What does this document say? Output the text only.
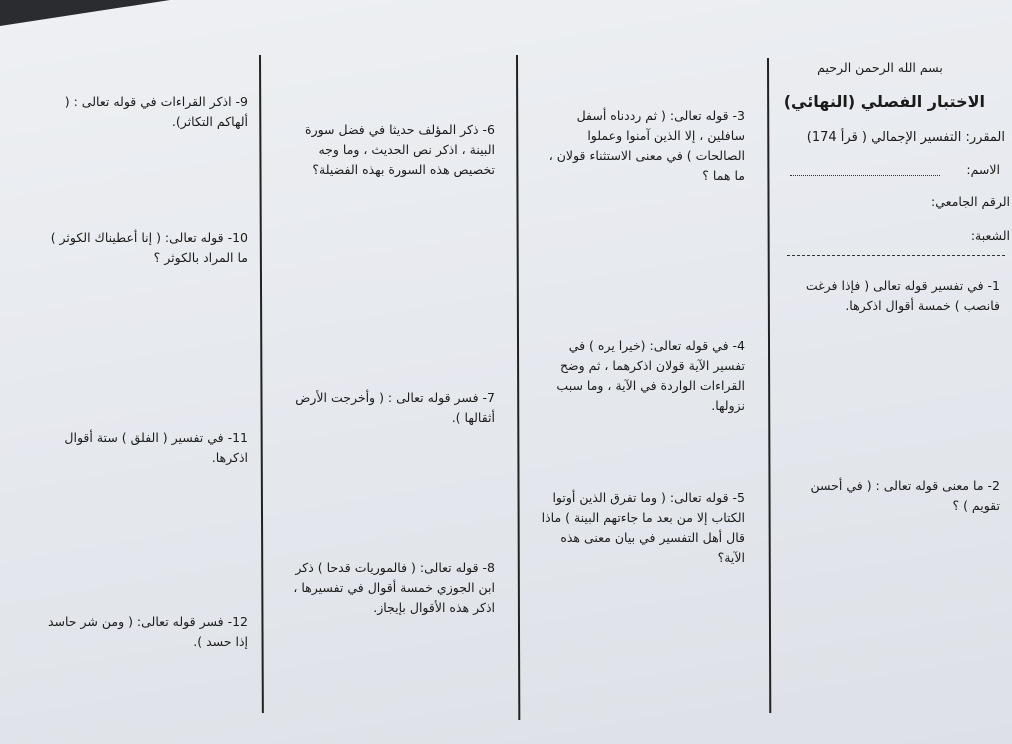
بسم الله الرحمن الرحيم
الاختبار الفصلي (النهائي)
المقرر: التفسير الإجمالي ( قرأ 174)
الاسم:
الرقم الجامعي:
الشعبة:
1- في تفسير قوله تعالى ( فإذا فرغت فانصب ) خمسة أقوال اذكرها.
2- ما معنى قوله تعالى : ( في أحسن تقويم ) ؟
3- قوله تعالى: ( ثم رددناه أسفل سافلين ، إلا الذين آمنوا وعملوا الصالحات ) في معنى الاستثناء قولان ، ما هما ؟
4- في قوله تعالى: (خيرا يره ) في تفسير الآية قولان اذكرهما ، ثم وضح القراءات الواردة في الآية ، وما سبب نزولها.
5- قوله تعالى: ( وما تفرق الذين أوتوا الكتاب إلا من بعد ما جاءتهم البينة ) ماذا قال أهل التفسير في بيان معنى هذه الآية؟
6- ذكر المؤلف حديثا في فضل سورة البينة ، اذكر نص الحديث ، وما وجه تخصيص هذه السورة بهذه الفضيلة؟
7- فسر قوله تعالى : ( وأخرجت الأرض أثقالها ).
8- قوله تعالى: ( فالموريات قدحا ) ذكر ابن الجوزي خمسة أقوال في تفسيرها ، اذكر هذه الأقوال بإيجاز.
9- اذكر القراءات في قوله تعالى : ( ألهاكم التكاثر).
10- قوله تعالى: ( إنا أعطيناك الكوثر ) ما المراد بالكوثر ؟
11- في تفسير ( الفلق ) ستة أقوال اذكرها.
12- فسر قوله تعالى: ( ومن شر حاسد إذا حسد ).
